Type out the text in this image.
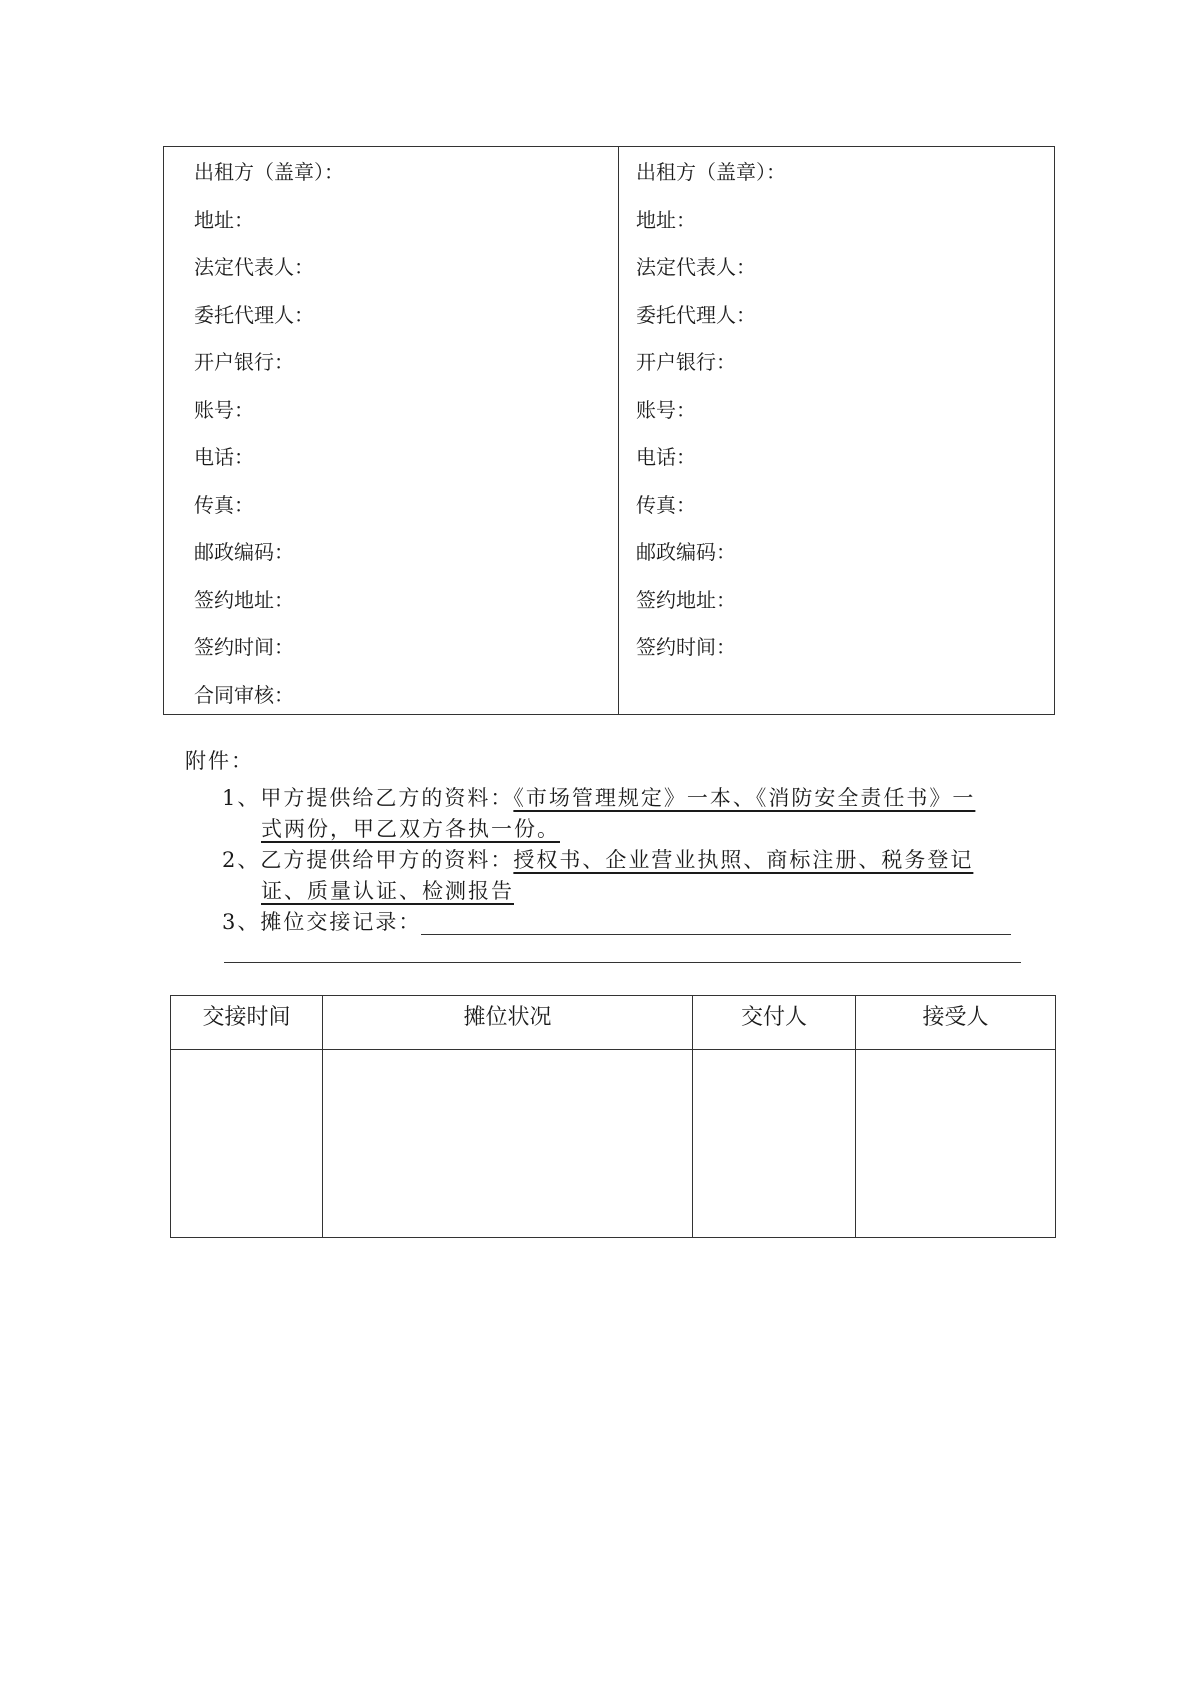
出租方（盖章）：
地址：
法定代表人：
委托代理人：
开户银行：
账号：
电话：
传真：
邮政编码：
签约地址：
签约时间：
合同审核：
出租方（盖章）：
地址：
法定代表人：
委托代理人：
开户银行：
账号：
电话：
传真：
邮政编码：
签约地址：
签约时间：
附件：
1、甲方提供给乙方的资料：《市场管理规定》一本、《消防安全责任书》一
式两份，甲乙双方各执一份。
2、乙方提供给甲方的资料：授权书、企业营业执照、商标注册、税务登记
证、质量认证、检测报告
3、摊位交接记录：
交接时间	摊位状况	交付人	接受人
